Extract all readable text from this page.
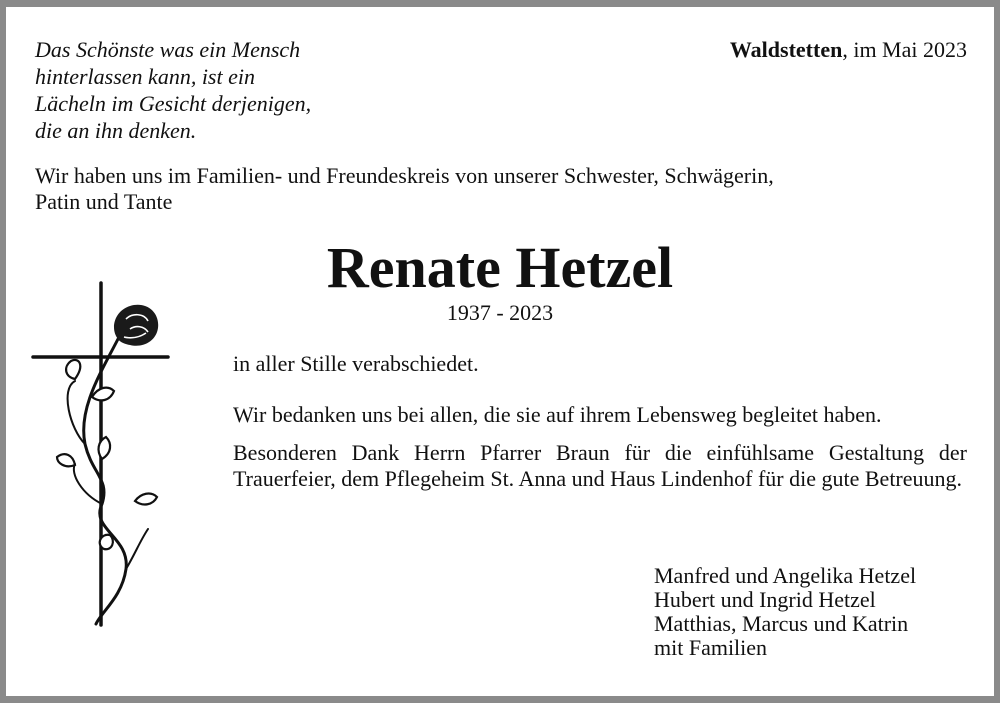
Das Schönste was ein Mensch
hinterlassen kann, ist ein
Lächeln im Gesicht derjenigen,
die an ihn denken.
Waldstetten, im Mai 2023
Wir haben uns im Familien- und Freundeskreis von unserer Schwester, Schwägerin,
Patin und Tante
Renate Hetzel
1937 - 2023
in aller Stille verabschiedet.
Wir bedanken uns bei allen, die sie auf ihrem Lebensweg begleitet haben.
Besonderen Dank Herrn Pfarrer Braun für die einfühlsame Gestaltung der Trauerfeier, dem Pflegeheim St. Anna und Haus Lindenhof für die gute Betreuung.
Manfred und Angelika Hetzel
Hubert und Ingrid Hetzel
Matthias, Marcus und Katrin
mit Familien
